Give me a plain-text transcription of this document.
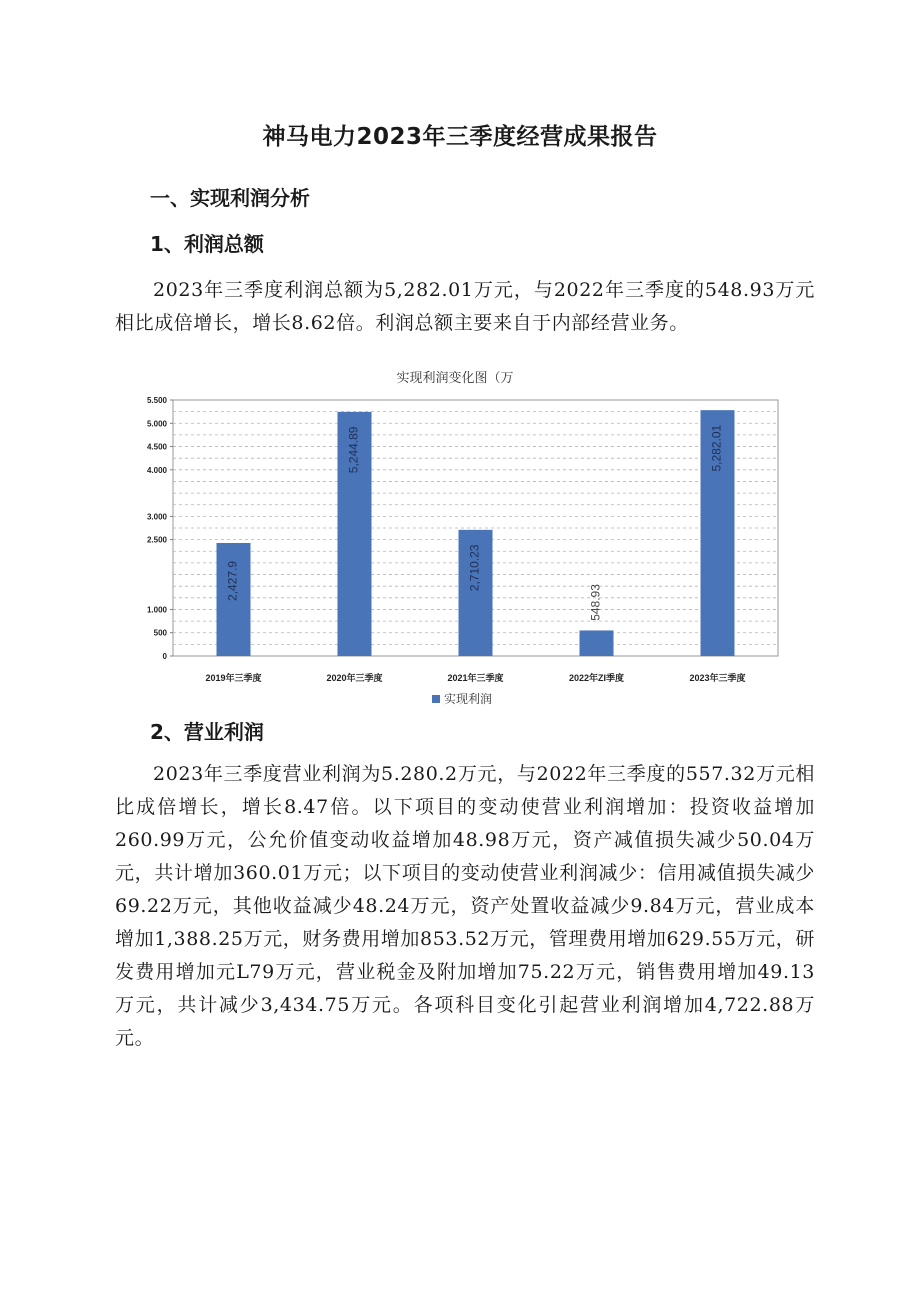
神马电力2023年三季度经营成果报告
一、实现利润分析
1、利润总额

2023年三季度利润总额为5,282.01万元，与2022年三季度的548.93万元相比成倍增长，增长8.62倍。利润总额主要来自于内部经营业务。

实现利润变化图（万
0
500
1.000
2.500
3.000
4.000
4.500
5.000
5.500
2,427.9
5,244.89
2,710.23
548.93
5,282.01
2019年三季度	2020年三季度	2021年三季度	2022年ZI季度	2023年三季度
实现利润
2、营业利润

2023年三季度营业利润为5.280.2万元，与2022年三季度的557.32万元相比成倍增长，增长8.47倍。以下项目的变动使营业利润增加：投资收益增加260.99万元，公允价值变动收益增加48.98万元，资产减值损失减少50.04万元，共计增加360.01万元；以下项目的变动使营业利润减少：信用减值损失减少69.22万元，其他收益减少48.24万元，资产处置收益减少9.84万元，营业成本增加1,388.25万元，财务费用增加853.52万元，管理费用增加629.55万元，研发费用增加元L79万元，营业税金及附加增加75.22万元，销售费用增加49.13万元，共计减少3,434.75万元。各项科目变化引起营业利润增加4,722.88万元。
